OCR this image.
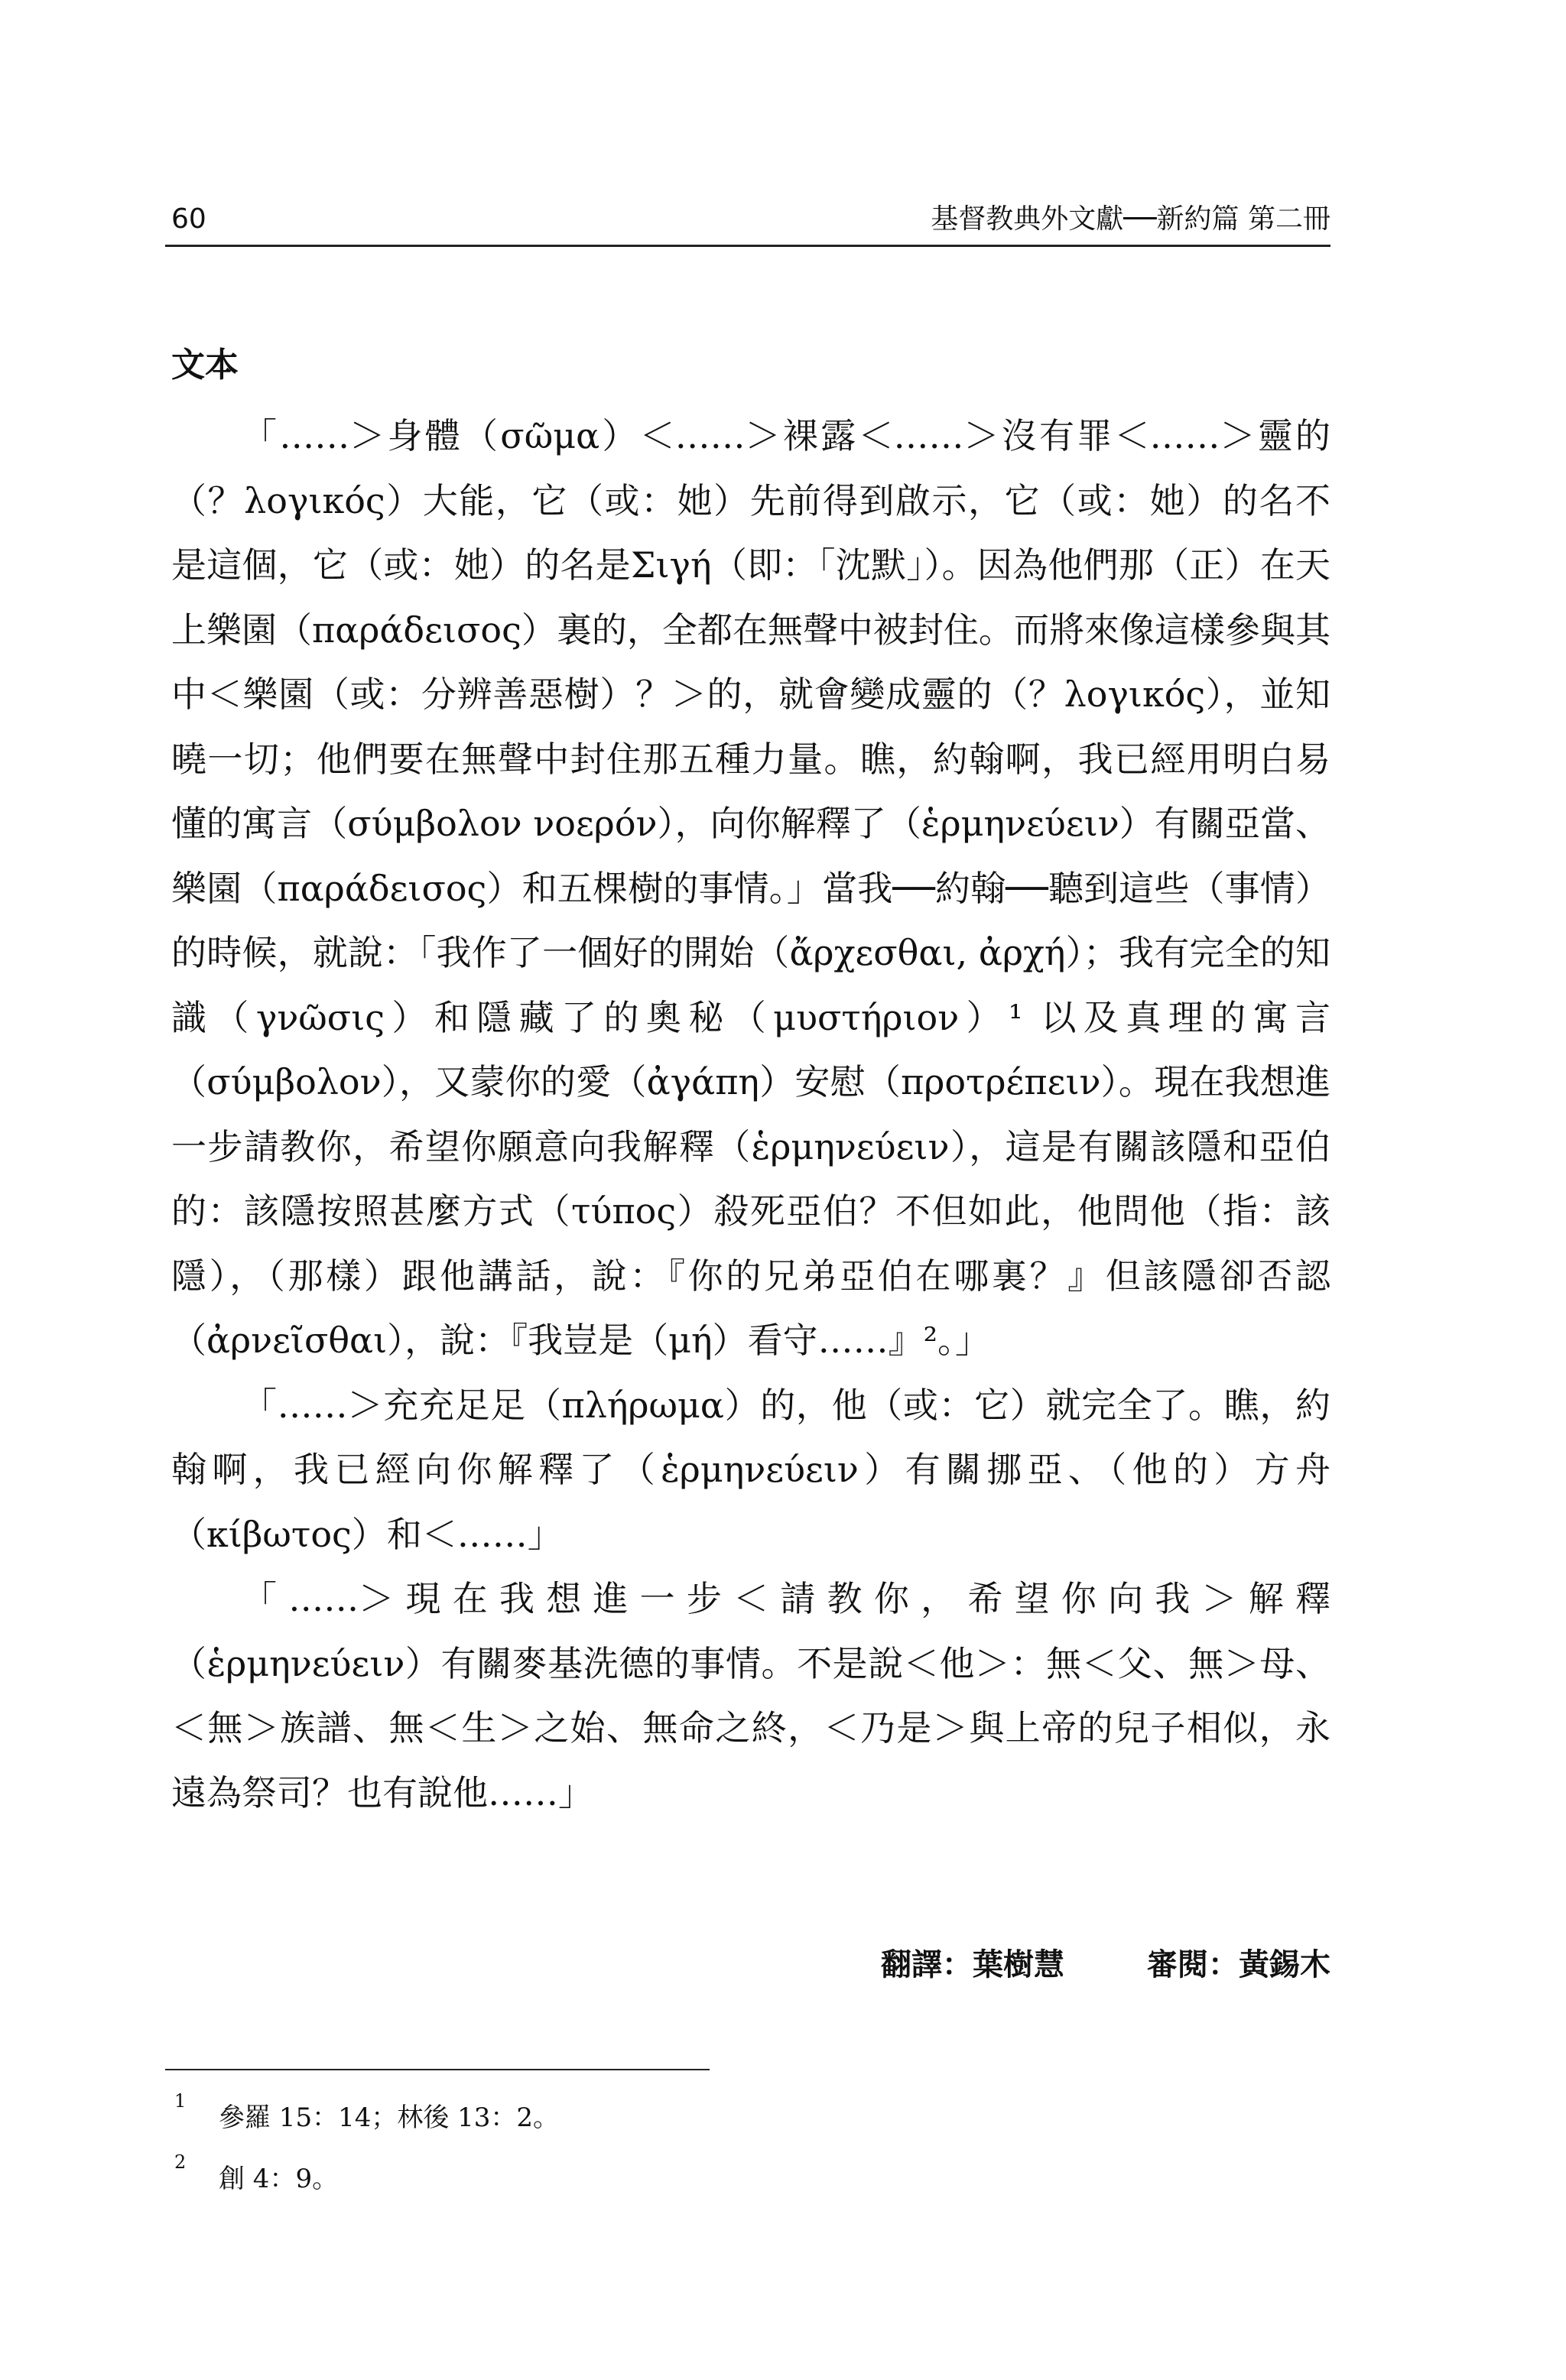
60	基督教典外文獻──新約篇 第二冊
文本

「……＞身體（σῶμα）＜……＞裸露＜……＞沒有罪＜……＞靈的（？λογικός）大能，它（或：她）先前得到啟示，它（或：她）的名不是這個，它（或：她）的名是Σιγή（即：「沈默」）。因為他們那（正）在天上樂園（παράδεισος）裏的，全都在無聲中被封住。而將來像這樣參與其中＜樂園（或：分辨善惡樹）？＞的，就會變成靈的（？λογικός），並知曉一切；他們要在無聲中封住那五種力量。瞧，約翰啊，我已經用明白易懂的寓言（σύμβολον νοερόν），向你解釋了（ἑρμηνεύειν）有關亞當、樂園（παράδεισος）和五棵樹的事情。」當我──約翰──聽到這些（事情）的時候，就說：「我作了一個好的開始（ἄρχεσθαι, ἀρχή）；我有完全的知識（γνῶσις）和隱藏了的奧秘（μυστήριον）¹ 以及真理的寓言（σύμβολον），又蒙你的愛（ἀγάπη）安慰（προτρέπειν）。現在我想進一步請教你，希望你願意向我解釋（ἑρμηνεύειν），這是有關該隱和亞伯的：該隱按照甚麼方式（τύπος）殺死亞伯？不但如此，他問他（指：該隱），（那樣）跟他講話，說：『你的兄弟亞伯在哪裏？』但該隱卻否認（ἀρνεῖσθαι），說：『我豈是（μή）看守……』²。」

「……＞充充足足（πλήρωμα）的，他（或：它）就完全了。瞧，約翰啊，我已經向你解釋了（ἑρμηνεύειν）有關挪亞、（他的）方舟（κίβωτος）和＜……」

「……＞現在我想進一步＜請教你，希望你向我＞解釋（ἑρμηνεύειν）有關麥基洗德的事情。不是說＜他＞：無＜父、無＞母、＜無＞族譜、無＜生＞之始、無命之終，＜乃是＞與上帝的兒子相似，永遠為祭司？也有說他……」

翻譯：葉樹慧	審閱：黃錫木
1
參羅 15：14；林後 13：2。
2
創 4：9。
